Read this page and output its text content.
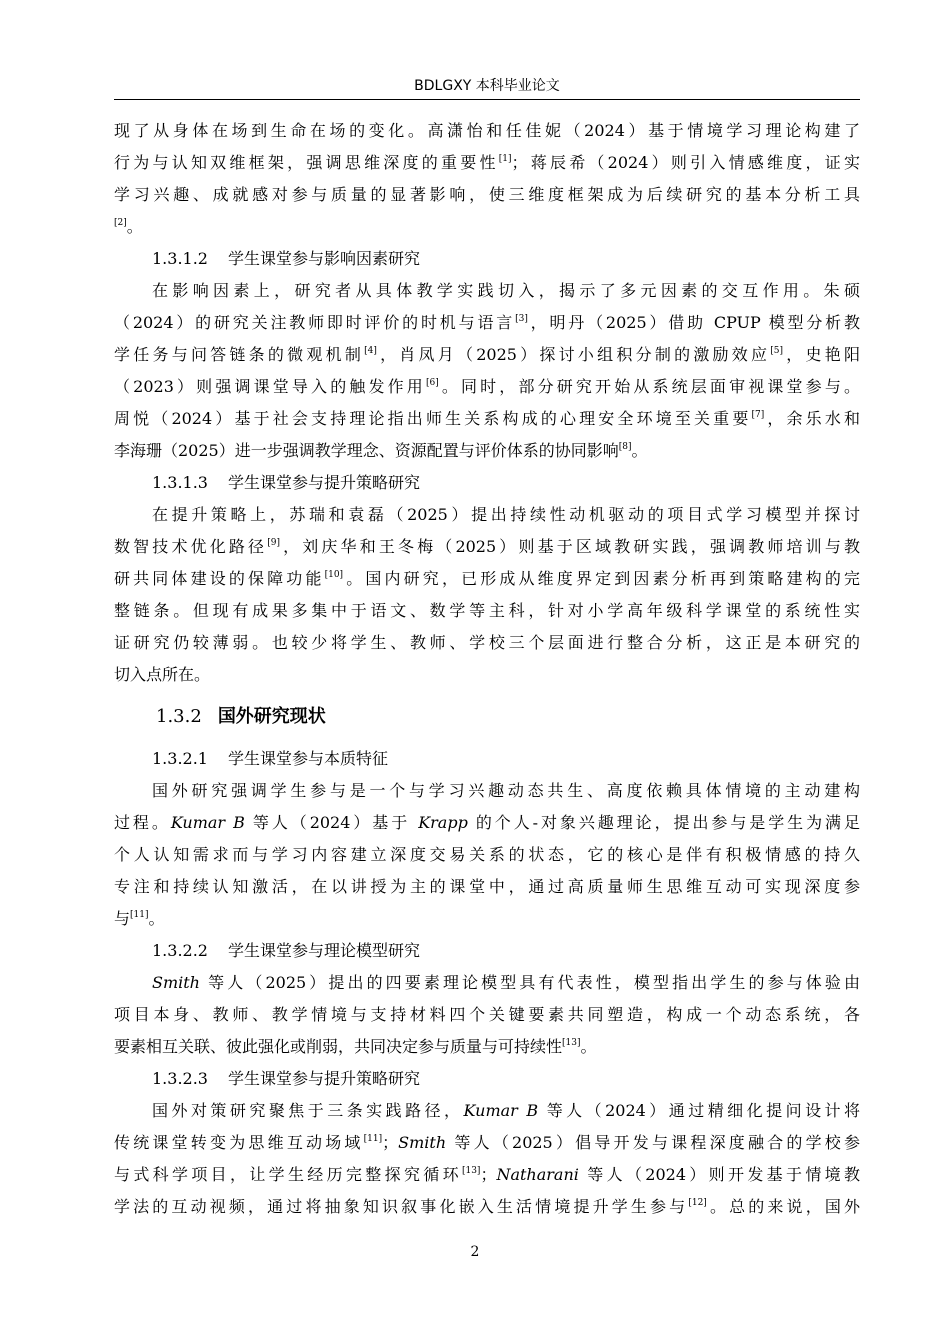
BDLGXY 本科毕业论文
现了从身体在场到生命在场的变化。高潇怡和任佳妮（2024）基于情境学习理论构建了
行为与认知双维框架，强调思维深度的重要性[1]；蒋辰希（2024）则引入情感维度，证实
学习兴趣、成就感对参与质量的显著影响，使三维度框架成为后续研究的基本分析工具
[2]。
1.3.1.2 学生课堂参与影响因素研究
在影响因素上，研究者从具体教学实践切入，揭示了多元因素的交互作用。朱硕
（2024）的研究关注教师即时评价的时机与语言[3]，明丹（2025）借助 CPUP 模型分析教
学任务与问答链条的微观机制[4]，肖凤月（2025）探讨小组积分制的激励效应[5]，史艳阳
（2023）则强调课堂导入的触发作用[6]。同时，部分研究开始从系统层面审视课堂参与。
周悦（2024）基于社会支持理论指出师生关系构成的心理安全环境至关重要[7]，余乐水和
李海珊（2025）进一步强调教学理念、资源配置与评价体系的协同影响[8]。
1.3.1.3 学生课堂参与提升策略研究
在提升策略上，苏瑞和袁磊（2025）提出持续性动机驱动的项目式学习模型并探讨
数智技术优化路径[9]，刘庆华和王冬梅（2025）则基于区域教研实践，强调教师培训与教
研共同体建设的保障功能[10]。国内研究，已形成从维度界定到因素分析再到策略建构的完
整链条。但现有成果多集中于语文、数学等主科，针对小学高年级科学课堂的系统性实
证研究仍较薄弱。也较少将学生、教师、学校三个层面进行整合分析，这正是本研究的
切入点所在。
1.3.2 国外研究现状
1.3.2.1 学生课堂参与本质特征
国外研究强调学生参与是一个与学习兴趣动态共生、高度依赖具体情境的主动建构
过程。Kumar B 等人（2024）基于 Krapp 的个人-对象兴趣理论，提出参与是学生为满足
个人认知需求而与学习内容建立深度交易关系的状态，它的核心是伴有积极情感的持久
专注和持续认知激活，在以讲授为主的课堂中，通过高质量师生思维互动可实现深度参
与[11]。
1.3.2.2 学生课堂参与理论模型研究
Smith 等人（2025）提出的四要素理论模型具有代表性，模型指出学生的参与体验由
项目本身、教师、教学情境与支持材料四个关键要素共同塑造，构成一个动态系统，各
要素相互关联、彼此强化或削弱，共同决定参与质量与可持续性[13]。
1.3.2.3 学生课堂参与提升策略研究
国外对策研究聚焦于三条实践路径，Kumar B 等人（2024）通过精细化提问设计将
传统课堂转变为思维互动场域[11]；Smith 等人（2025）倡导开发与课程深度融合的学校参
与式科学项目，让学生经历完整探究循环[13]；Natharani 等人（2024）则开发基于情境教
学法的互动视频，通过将抽象知识叙事化嵌入生活情境提升学生参与[12]。总的来说，国外
2
